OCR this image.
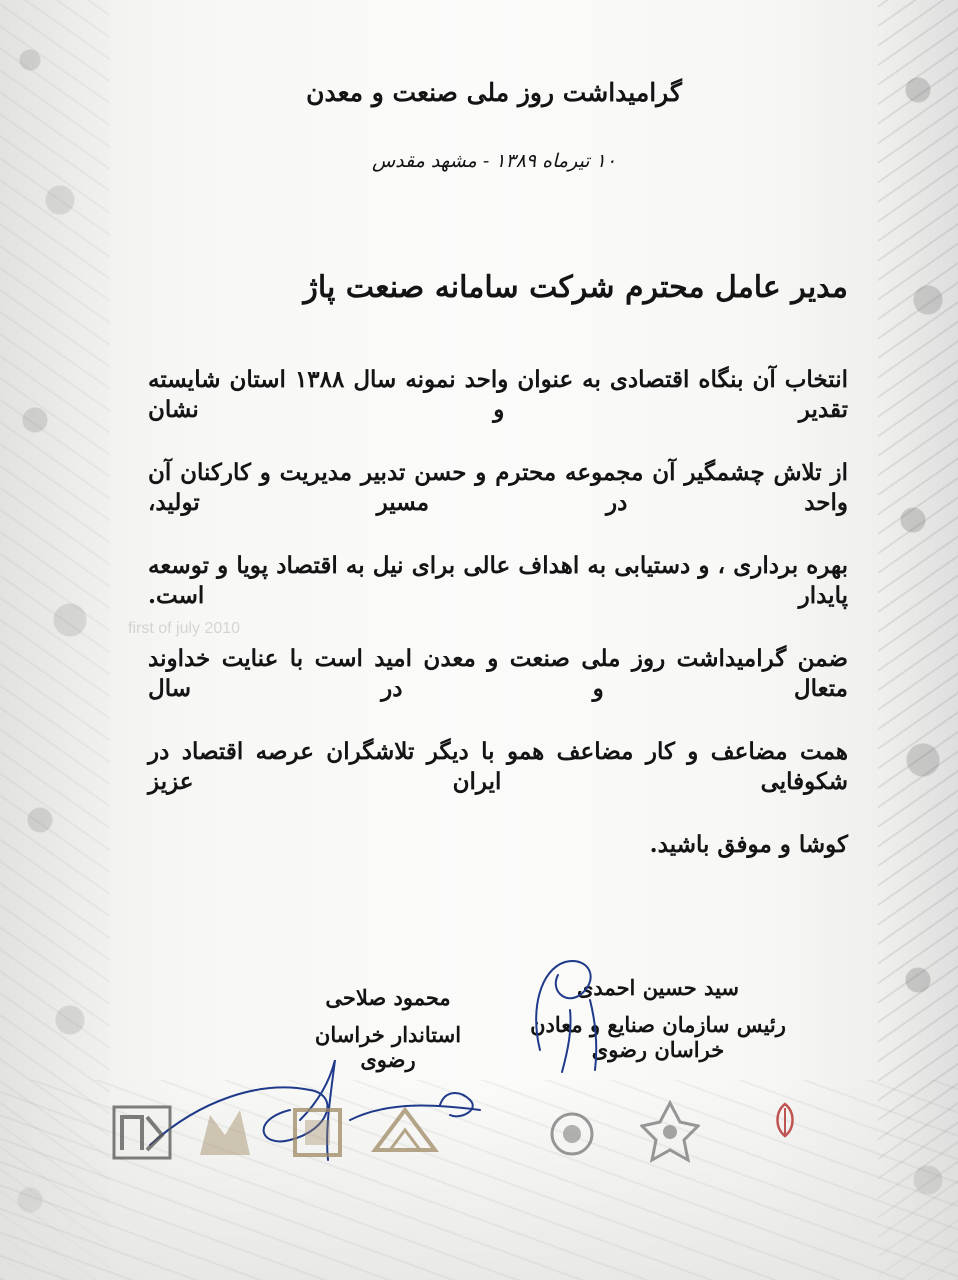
first of july 2010
گرامیداشت روز ملی صنعت و معدن
۱۰ تیرماه ۱۳۸۹ - مشهد مقدس
مدیر عامل محترم شرکت سامانه صنعت پاژ

انتخاب آن بنگاه اقتصادی به عنوان واحد نمونه سال ۱۳۸۸ استان شایسته تقدیر و نشان

از تلاش چشمگیر آن مجموعه محترم و حسن تدبیر مدیریت و کارکنان آن واحد در مسیر تولید،

بهره برداری ، و دستیابی به اهداف عالی برای نیل به اقتصاد پویا و توسعه پایدار است.

ضمن گرامیداشت روز ملی صنعت و معدن امید است با عنایت خداوند متعال و در سال

همت مضاعف و کار مضاعف همو با دیگر تلاشگران عرصه اقتصاد در شکوفایی ایران عزیز

کوشا و موفق باشید.

سید حسین احمدی
رئیس سازمان صنایع و معادن خراسان رضوی
محمود صلاحی
استاندار خراسان رضوی
